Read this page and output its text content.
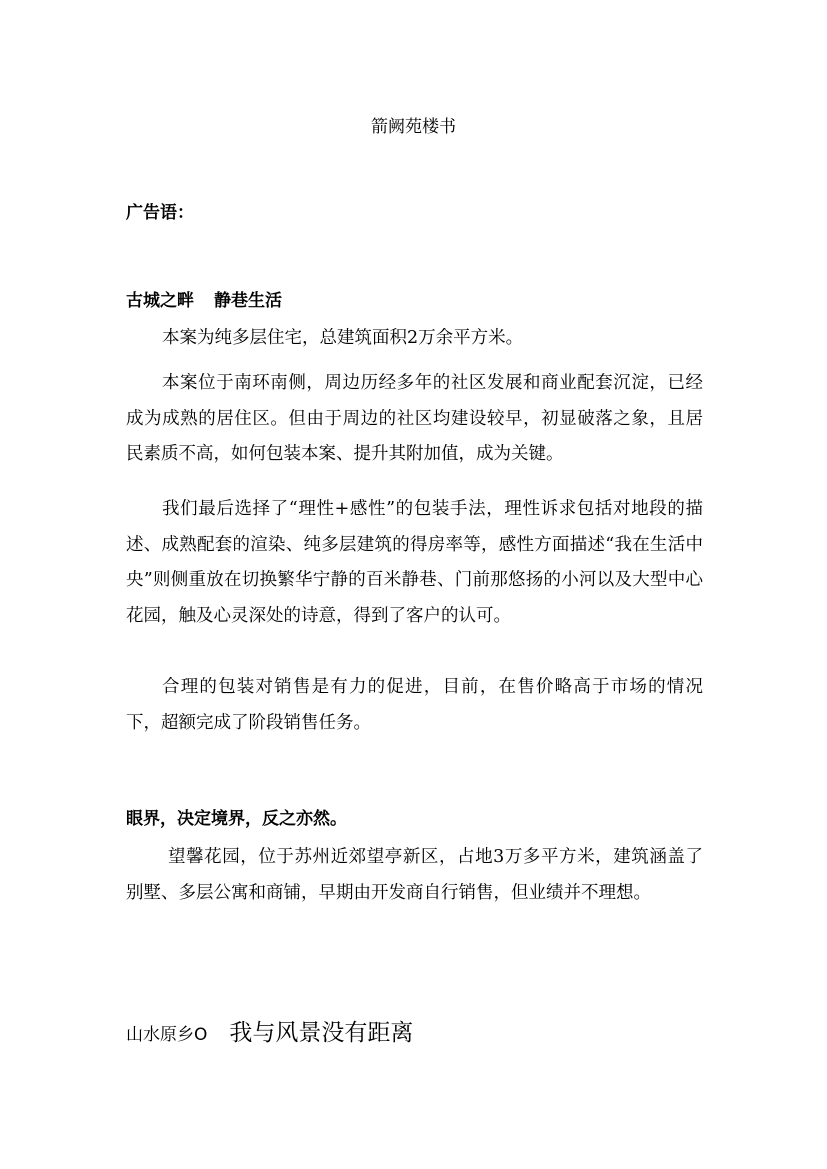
箭阙苑楼书
广告语：
古城之畔 静巷生活
本案为纯多层住宅，总建筑面积2万余平方米。
本案位于南环南侧，周边历经多年的社区发展和商业配套沉淀，已经成为成熟的居住区。但由于周边的社区均建设较早，初显破落之象，且居民素质不高，如何包装本案、提升其附加值，成为关键。
我们最后选择了“理性+感性”的包装手法，理性诉求包括对地段的描述、成熟配套的渲染、纯多层建筑的得房率等，感性方面描述“我在生活中央”则侧重放在切换繁华宁静的百米静巷、门前那悠扬的小河以及大型中心花园，触及心灵深处的诗意，得到了客户的认可。
合理的包装对销售是有力的促进，目前，在售价略高于市场的情况下，超额完成了阶段销售任务。
眼界，决定境界，反之亦然。
望馨花园，位于苏州近郊望亭新区，占地3万多平方米，建筑涵盖了别墅、多层公寓和商铺，早期由开发商自行销售，但业绩并不理想。
山水原乡O 我与风景没有距离
